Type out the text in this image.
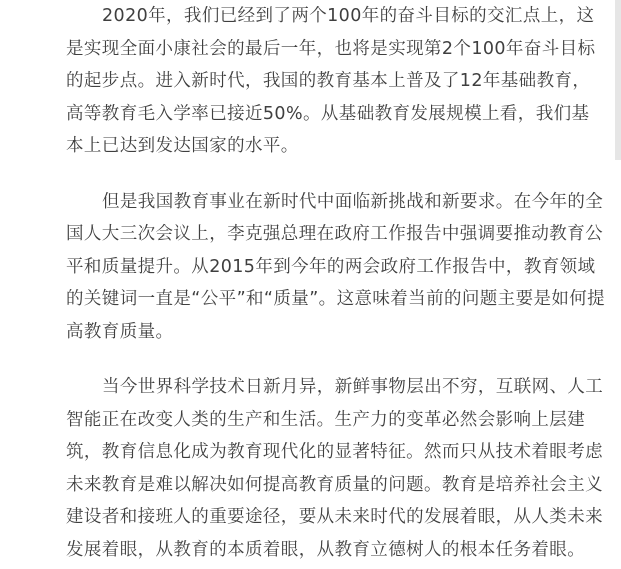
2020年，我们已经到了两个100年的奋斗目标的交汇点上，这
是实现全面小康社会的最后一年，也将是实现第2个100年奋斗目标
的起步点。进入新时代，我国的教育基本上普及了12年基础教育，
高等教育毛入学率已接近50%。从基础教育发展规模上看，我们基
本上已达到发达国家的水平。

但是我国教育事业在新时代中面临新挑战和新要求。在今年的全
国人大三次会议上，李克强总理在政府工作报告中强调要推动教育公
平和质量提升。从2015年到今年的两会政府工作报告中，教育领域
的关键词一直是“公平”和“质量”。这意味着当前的问题主要是如何提
高教育质量。

当今世界科学技术日新月异，新鲜事物层出不穷，互联网、人工
智能正在改变人类的生产和生活。生产力的变革必然会影响上层建
筑，教育信息化成为教育现代化的显著特征。然而只从技术着眼考虑
未来教育是难以解决如何提高教育质量的问题。教育是培养社会主义
建设者和接班人的重要途径，要从未来时代的发展着眼，从人类未来
发展着眼，从教育的本质着眼，从教育立德树人的根本任务着眼。
